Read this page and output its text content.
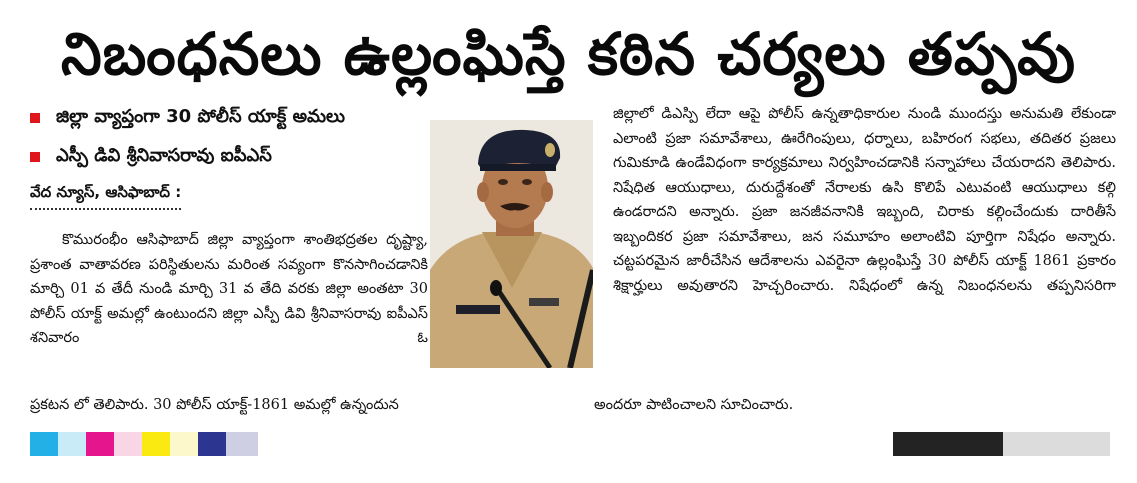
నిబంధనలు ఉల్లంఘిస్తే కఠిన చర్యలు తప్పవు
జిల్లా వ్యాప్తంగా 30 పోలీస్ యాక్ట్ అమలు
ఎస్పీ డివి శ్రీనివాసరావు ఐపీఎస్
వేద న్యూస్, ఆసిఫాబాద్ :
కొమురంభీం ఆసిఫాబాద్ జిల్లా వ్యాప్తంగా శాంతిభద్రతల దృష్ట్యా, ప్రశాంత వాతావరణ పరిస్థితులను మరింత సవ్యంగా కొనసాగించడానికి మార్చి 01 వ తేదీ నుండి మార్చి 31 వ తేది వరకు జిల్లా అంతటా 30 పోలీస్ యాక్ట్ అమల్లో ఉంటుందని జిల్లా ఎస్పీ డివి శ్రీనివాసరావు ఐపీఎస్ శనివారం ఓ
ప్రకటన లో తెలిపారు. 30 పోలీస్ యాక్ట్-1861 అమల్లో ఉన్నందున
జిల్లాలో డిఎస్పి లేదా ఆపై పోలీస్ ఉన్నతాధికారుల నుండి ముందస్తు అనుమతి లేకుండా ఎలాంటి ప్రజా సమావేశాలు, ఊరేగింపులు, ధర్నాలు, బహిరంగ సభలు, తదితర ప్రజలు గుమికూడి ఉండేవిధంగా కార్యక్రమాలు నిర్వహించడానికి సన్నాహాలు చేయరాదని తెలిపారు. నిషేధిత ఆయుధాలు, దురుద్దేశంతో నేరాలకు ఉసి కొలిపే ఎటువంటి ఆయుధాలు కల్గి ఉండరాదని అన్నారు. ప్రజా జనజీవనానికి ఇబ్బంది, చిరాకు కల్గించేందుకు దారితీసే ఇబ్బందికర ప్రజా సమావేశాలు, జన సమూహం అలాంటివి పూర్తిగా నిషేధం అన్నారు. చట్టపరమైన జారీచేసిన ఆదేశాలను ఎవరైనా ఉల్లంఘిస్తే 30 పోలీస్ యాక్ట్ 1861 ప్రకారం శిక్షార్హులు అవుతారని హెచ్చరించారు. నిషేధంలో ఉన్న నిబంధనలను తప్పనిసరిగా
అందరూ పాటించాలని సూచించారు.
